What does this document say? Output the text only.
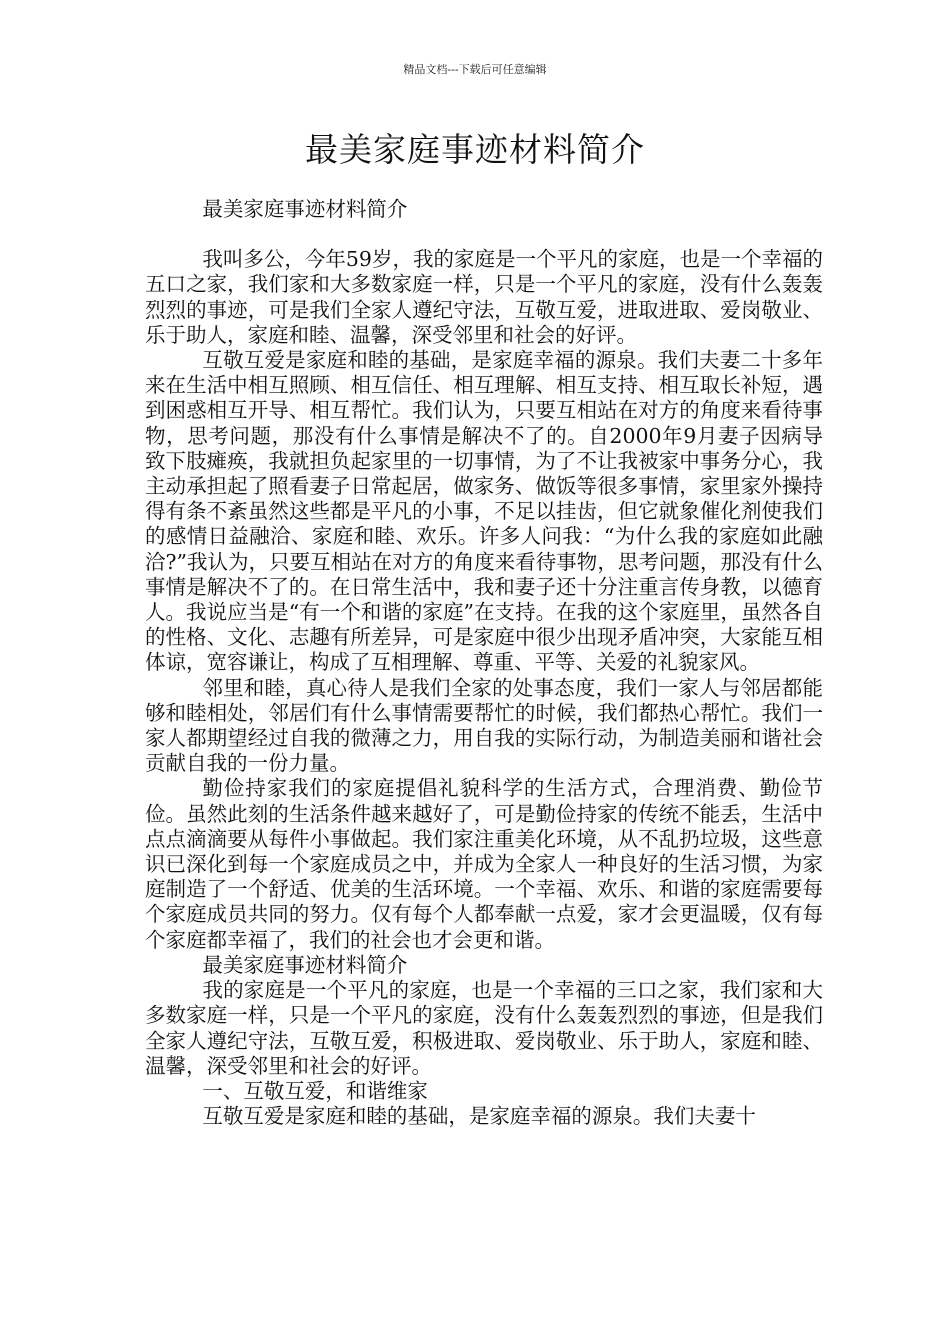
精品文档---下载后可任意编辑
最美家庭事迹材料简介

最美家庭事迹材料简介

我叫多公，今年59岁，我的家庭是一个平凡的家庭，也是一个幸福的五口之家，我们家和大多数家庭一样，只是一个平凡的家庭，没有什么轰轰烈烈的事迹，可是我们全家人遵纪守法，互敬互爱，进取进取、爱岗敬业、乐于助人，家庭和睦、温馨，深受邻里和社会的好评。

互敬互爱是家庭和睦的基础，是家庭幸福的源泉。我们夫妻二十多年来在生活中相互照顾、相互信任、相互理解、相互支持、相互取长补短，遇到困惑相互开导、相互帮忙。我们认为，只要互相站在对方的角度来看待事物，思考问题，那没有什么事情是解决不了的。自2000年9月妻子因病导致下肢瘫痪，我就担负起家里的一切事情，为了不让我被家中事务分心，我主动承担起了照看妻子日常起居，做家务、做饭等很多事情，家里家外操持得有条不紊虽然这些都是平凡的小事，不足以挂齿，但它就象催化剂使我们的感情日益融洽、家庭和睦、欢乐。许多人问我：“为什么我的家庭如此融洽?”我认为，只要互相站在对方的角度来看待事物，思考问题，那没有什么事情是解决不了的。在日常生活中，我和妻子还十分注重言传身教，以德育人。我说应当是“有一个和谐的家庭”在支持。在我的这个家庭里，虽然各自的性格、文化、志趣有所差异，可是家庭中很少出现矛盾冲突，大家能互相体谅，宽容谦让，构成了互相理解、尊重、平等、关爱的礼貌家风。

邻里和睦，真心待人是我们全家的处事态度，我们一家人与邻居都能够和睦相处，邻居们有什么事情需要帮忙的时候，我们都热心帮忙。我们一家人都期望经过自我的微薄之力，用自我的实际行动，为制造美丽和谐社会贡献自我的一份力量。

勤俭持家我们的家庭提倡礼貌科学的生活方式，合理消费、勤俭节俭。虽然此刻的生活条件越来越好了，可是勤俭持家的传统不能丢，生活中点点滴滴要从每件小事做起。我们家注重美化环境，从不乱扔垃圾，这些意识已深化到每一个家庭成员之中，并成为全家人一种良好的生活习惯，为家庭制造了一个舒适、优美的生活环境。一个幸福、欢乐、和谐的家庭需要每个家庭成员共同的努力。仅有每个人都奉献一点爱，家才会更温暖，仅有每个家庭都幸福了，我们的社会也才会更和谐。

最美家庭事迹材料简介

我的家庭是一个平凡的家庭，也是一个幸福的三口之家，我们家和大多数家庭一样，只是一个平凡的家庭，没有什么轰轰烈烈的事迹，但是我们全家人遵纪守法，互敬互爱，积极进取、爱岗敬业、乐于助人，家庭和睦、温馨，深受邻里和社会的好评。

一、互敬互爱，和谐维家

互敬互爱是家庭和睦的基础，是家庭幸福的源泉。我们夫妻十
